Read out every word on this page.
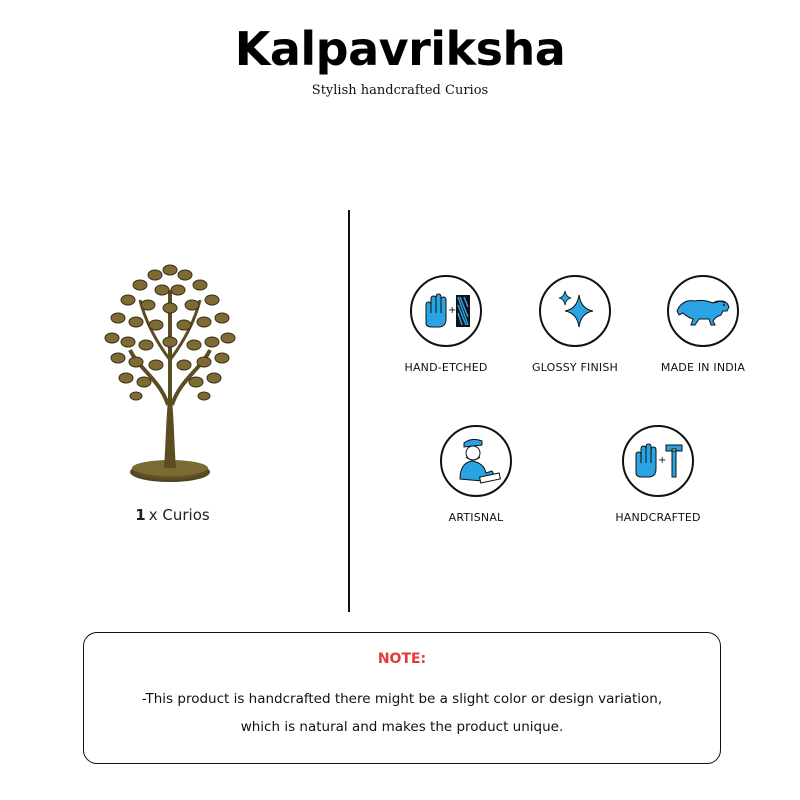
Kalpavriksha
Stylish handcrafted Curios
1 x Curios
+
HAND-ETCHED	GLOSSY FINISH	MADE IN INDIA
ARTISNAL
+
HANDCRAFTED
NOTE:
-This product is handcrafted there might be a slight color or design variation,
which is natural and makes the product unique.
